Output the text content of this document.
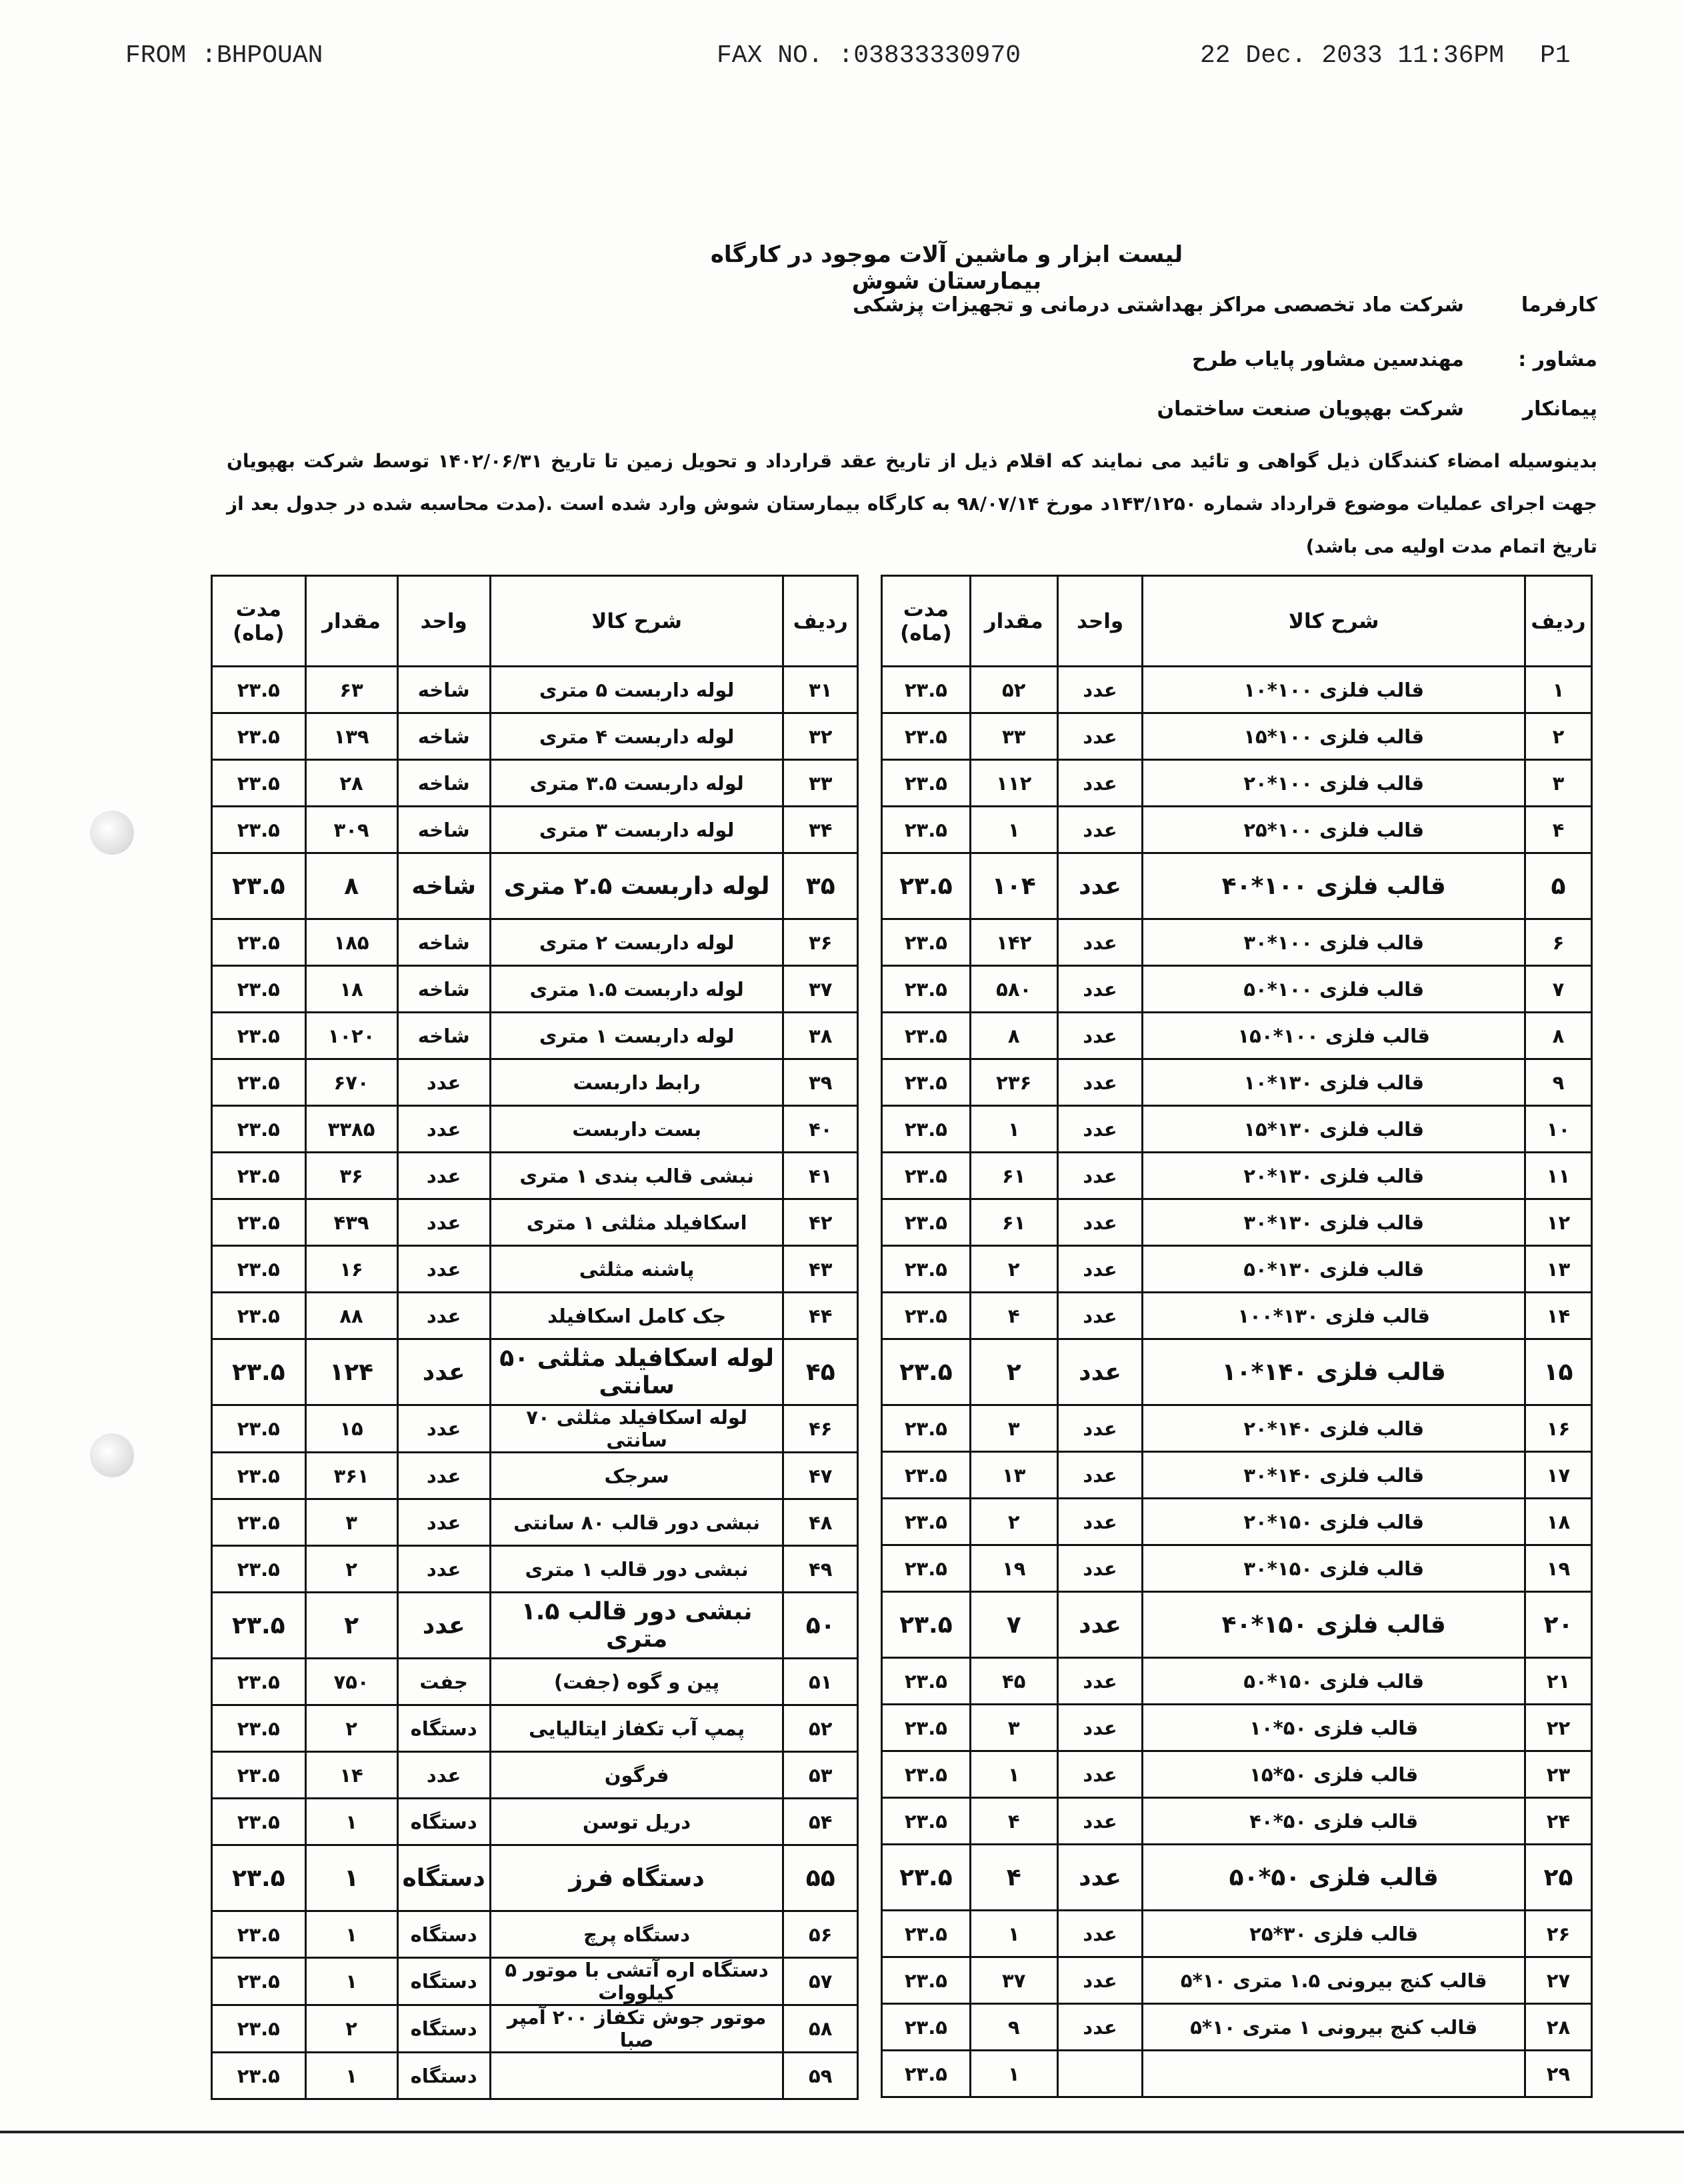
FROM :BHPOUAN	FAX NO. :03833330970	22 Dec. 2033 11:36PM P1
لیست ابزار و ماشین آلات موجود در کارگاه بیمارستان شوش
کارفرما
شرکت ماد تخصصی مراکز بهداشتی درمانی و تجهیزات پزشکی
مشاور :
مهندسین مشاور پایاب طرح
پیمانکار
شرکت بهپویان صنعت ساختمان
بدینوسیله امضاء کنندگان ذیل گواهی و تائید می نمایند که اقلام ذیل از تاریخ عقد قرارداد و تحویل زمین تا تاریخ ۱۴۰۲/۰۶/۳۱ توسط شرکت بهپویان جهت اجرای عملیات موضوع قرارداد شماره ۱۴۳/۱۲۵۰د مورخ ۹۸/۰۷/۱۴ به کارگاه بیمارستان شوش وارد شده است .(مدت محاسبه شده در جدول بعد از تاریخ اتمام مدت اولیه می باشد)
ردیف	شرح کالا	واحد	مقدار	مدت (ماه)
۱	قالب فلزی ۱۰۰*۱۰	عدد	۵۲	۲۳.۵
۲	قالب فلزی ۱۰۰*۱۵	عدد	۳۳	۲۳.۵
۳	قالب فلزی ۱۰۰*۲۰	عدد	۱۱۲	۲۳.۵
۴	قالب فلزی ۱۰۰*۲۵	عدد	۱	۲۳.۵
۵	قالب فلزی ۱۰۰*۴۰	عدد	۱۰۴	۲۳.۵
۶	قالب فلزی ۱۰۰*۳۰	عدد	۱۴۲	۲۳.۵
۷	قالب فلزی ۱۰۰*۵۰	عدد	۵۸۰	۲۳.۵
۸	قالب فلزی ۱۰۰*۱۵۰	عدد	۸	۲۳.۵
۹	قالب فلزی ۱۳۰*۱۰	عدد	۲۳۶	۲۳.۵
۱۰	قالب فلزی ۱۳۰*۱۵	عدد	۱	۲۳.۵
۱۱	قالب فلزی ۱۳۰*۲۰	عدد	۶۱	۲۳.۵
۱۲	قالب فلزی ۱۳۰*۳۰	عدد	۶۱	۲۳.۵
۱۳	قالب فلزی ۱۳۰*۵۰	عدد	۲	۲۳.۵
۱۴	قالب فلزی ۱۳۰*۱۰۰	عدد	۴	۲۳.۵
۱۵	قالب فلزی ۱۴۰*۱۰	عدد	۲	۲۳.۵
۱۶	قالب فلزی ۱۴۰*۲۰	عدد	۳	۲۳.۵
۱۷	قالب فلزی ۱۴۰*۳۰	عدد	۱۳	۲۳.۵
۱۸	قالب فلزی ۱۵۰*۲۰	عدد	۲	۲۳.۵
۱۹	قالب فلزی ۱۵۰*۳۰	عدد	۱۹	۲۳.۵
۲۰	قالب فلزی ۱۵۰*۴۰	عدد	۷	۲۳.۵
۲۱	قالب فلزی ۱۵۰*۵۰	عدد	۴۵	۲۳.۵
۲۲	قالب فلزی ۵۰*۱۰	عدد	۳	۲۳.۵
۲۳	قالب فلزی ۵۰*۱۵	عدد	۱	۲۳.۵
۲۴	قالب فلزی ۵۰*۴۰	عدد	۴	۲۳.۵
۲۵	قالب فلزی ۵۰*۵۰	عدد	۴	۲۳.۵
۲۶	قالب فلزی ۳۰*۲۵	عدد	۱	۲۳.۵
۲۷	قالب کنج بیرونی ۱.۵ متری ۱۰*۵	عدد	۳۷	۲۳.۵
۲۸	قالب کنج بیرونی ۱ متری ۱۰*۵	عدد	۹	۲۳.۵
۲۹			۱	۲۳.۵
ردیف	شرح کالا	واحد	مقدار	مدت (ماه)
۳۱	لوله داربست ۵ متری	شاخه	۶۳	۲۳.۵
۳۲	لوله داربست ۴ متری	شاخه	۱۳۹	۲۳.۵
۳۳	لوله داربست ۳.۵ متری	شاخه	۲۸	۲۳.۵
۳۴	لوله داربست ۳ متری	شاخه	۳۰۹	۲۳.۵
۳۵	لوله داربست ۲.۵ متری	شاخه	۸	۲۳.۵
۳۶	لوله داربست ۲ متری	شاخه	۱۸۵	۲۳.۵
۳۷	لوله داربست ۱.۵ متری	شاخه	۱۸	۲۳.۵
۳۸	لوله داربست ۱ متری	شاخه	۱۰۲۰	۲۳.۵
۳۹	رابط داربست	عدد	۶۷۰	۲۳.۵
۴۰	بست داربست	عدد	۳۳۸۵	۲۳.۵
۴۱	نبشی قالب بندی ۱ متری	عدد	۳۶	۲۳.۵
۴۲	اسکافیلد مثلثی ۱ متری	عدد	۴۳۹	۲۳.۵
۴۳	پاشنه مثلثی	عدد	۱۶	۲۳.۵
۴۴	جک کامل اسکافیلد	عدد	۸۸	۲۳.۵
۴۵	لوله اسکافیلد مثلثی ۵۰ سانتی	عدد	۱۲۴	۲۳.۵
۴۶	لوله اسکافیلد مثلثی ۷۰ سانتی	عدد	۱۵	۲۳.۵
۴۷	سرجک	عدد	۳۶۱	۲۳.۵
۴۸	نبشی دور قالب ۸۰ سانتی	عدد	۳	۲۳.۵
۴۹	نبشی دور قالب ۱ متری	عدد	۲	۲۳.۵
۵۰	نبشی دور قالب ۱.۵ متری	عدد	۲	۲۳.۵
۵۱	پین و گوه (جفت)	جفت	۷۵۰	۲۳.۵
۵۲	پمپ آب تکفاز ایتالیایی	دستگاه	۲	۲۳.۵
۵۳	فرگون	عدد	۱۴	۲۳.۵
۵۴	دریل توسن	دستگاه	۱	۲۳.۵
۵۵	دستگاه فرز	دستگاه	۱	۲۳.۵
۵۶	دستگاه پرچ	دستگاه	۱	۲۳.۵
۵۷	دستگاه اره آتشی با موتور ۵ کیلووات	دستگاه	۱	۲۳.۵
۵۸	موتور جوش تکفاز ۲۰۰ آمپر صبا	دستگاه	۲	۲۳.۵
۵۹		دستگاه	۱	۲۳.۵
